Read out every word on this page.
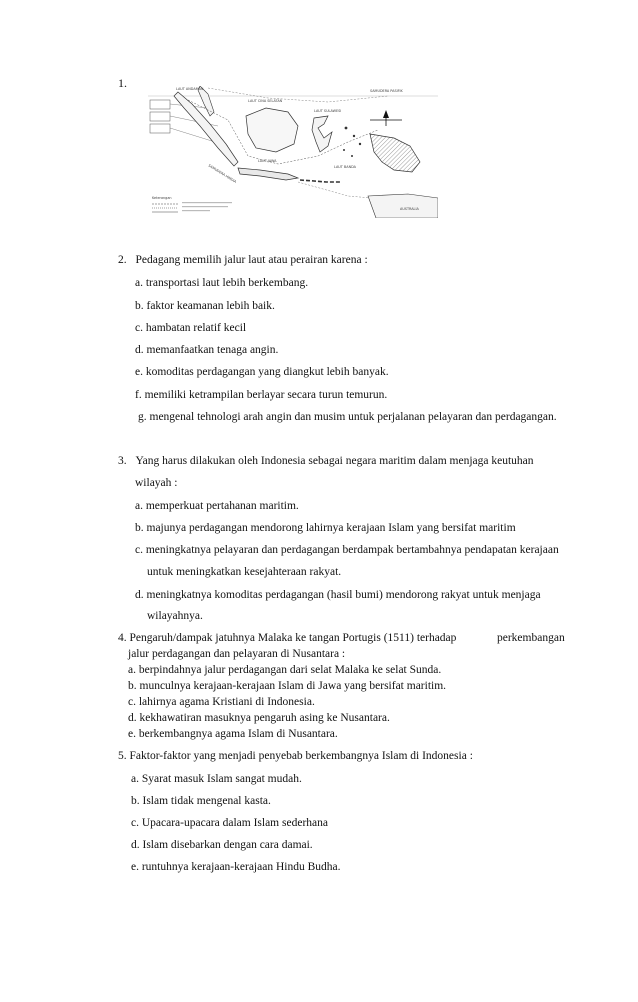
1.
SAMUDERA PASIFIK
SAMUDERA HINDIA
LAUT JAWA
AUSTRALIA
LAUT SULAWESI
LAUT BANDA
LAUT CINA SELATAN
LAUT ANDAMAN
Keterangan
2. Pedagang memilih jalur laut atau perairan karena :
a. transportasi laut lebih berkembang.
b. faktor keamanan lebih baik.
c. hambatan relatif kecil
d. memanfaatkan tenaga angin.
e. komoditas perdagangan yang diangkut lebih banyak.
f. memiliki ketrampilan berlayar secara turun temurun.
g. mengenal tehnologi arah angin dan musim untuk perjalanan pelayaran dan perdagangan.
3. Yang harus dilakukan oleh Indonesia sebagai negara maritim dalam menjaga keutuhan
wilayah :
a. memperkuat pertahanan maritim.
b. majunya perdagangan mendorong lahirnya kerajaan Islam yang bersifat maritim
c. meningkatnya pelayaran dan perdagangan berdampak bertambahnya pendapatan kerajaan
untuk meningkatkan kesejahteraan rakyat.
d. meningkatnya komoditas perdagangan (hasil bumi) mendorong rakyat untuk menjaga
wilayahnya.
4. Pengaruh/dampak jatuhnya Malaka ke tangan Portugis (1511) terhadap	perkembangan
jalur perdagangan dan pelayaran di Nusantara :
a. berpindahnya jalur perdagangan dari selat Malaka ke selat Sunda.
b. munculnya kerajaan-kerajaan Islam di Jawa yang bersifat maritim.
c. lahirnya agama Kristiani di Indonesia.
d. kekhawatiran masuknya pengaruh asing ke Nusantara.
e. berkembangnya agama Islam di Nusantara.
5. Faktor-faktor yang menjadi penyebab berkembangnya Islam di Indonesia :
a. Syarat masuk Islam sangat mudah.
b. Islam tidak mengenal kasta.
c. Upacara-upacara dalam Islam sederhana
d. Islam disebarkan dengan cara damai.
e. runtuhnya kerajaan-kerajaan Hindu Budha.
